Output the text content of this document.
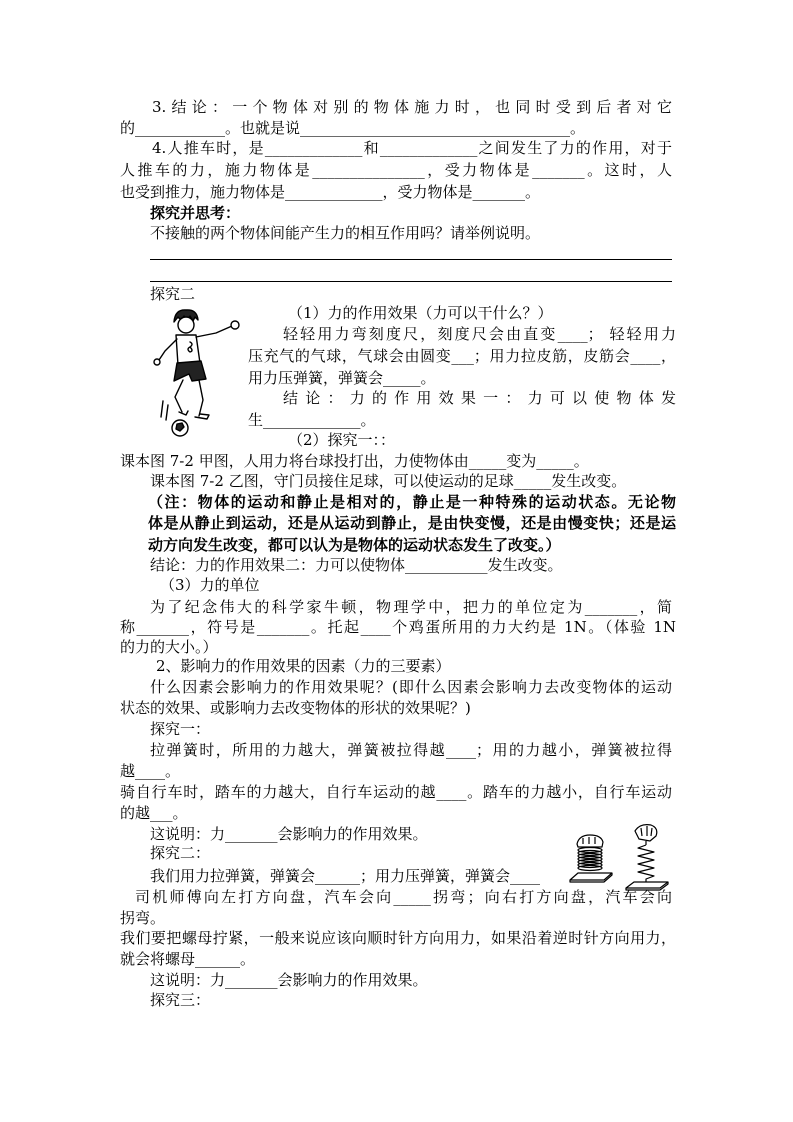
3.结论：一个物体对别的物体施力时，也同时受到后者对它
的____________。也就是说____________________________________。
4.人推车时，是_____________和_____________之间发生了力的作用，对于
人推车的力，施力物体是_______________，受力物体是_______。这时，人
也受到推力，施力物体是_____________，受力物体是_______。
探究并思考：
不接触的两个物体间能产生力的相互作用吗？请举例说明。
探究二
（1）力的作用效果（力可以干什么？）
轻轻用力弯刻度尺，刻度尺会由直变____； 轻轻用力
压充气的气球，气球会由圆变___；用力拉皮筋，皮筋会____，
用力压弹簧，弹簧会_____。
结论：力的作用效果一：力可以使物体发
生_____________。
（2）探究一：：
课本图 7-2 甲图，人用力将台球投打出，力使物体由_____变为_____。
课本图 7-2 乙图，守门员接住足球，可以使运动的足球_____发生改变。
（注：物体的运动和静止是相对的，静止是一种特殊的运动状态。无论物
体是从静止到运动，还是从运动到静止，是由快变慢，还是由慢变快；还是运
动方向发生改变，都可以认为是物体的运动状态发生了改变。）
结论：力的作用效果二：力可以使物体___________发生改变。
（3）力的单位
为了纪念伟大的科学家牛顿，物理学中，把力的单位定为_______，简
称_______，符号是_______。托起____个鸡蛋所用的力大约是 1N。（体验 1N
的力的大小。）
2、影响力的作用效果的因素（力的三要素）
什么因素会影响力的作用效果呢？(即什么因素会影响力去改变物体的运动
状态的效果、或影响力去改变物体的形状的效果呢？)
探究一：
拉弹簧时，所用的力越大，弹簧被拉得越____；用的力越小，弹簧被拉得
越____。
骑自行车时，踏车的力越大，自行车运动的越____。踏车的力越小，自行车运动
的越___。
这说明：力_______会影响力的作用效果。
探究二：
我们用力拉弹簧，弹簧会______；用力压弹簧，弹簧会____
司机师傅向左打方向盘，汽车会向_____拐弯；向右打方向盘，汽车会向
拐弯。
我们要把螺母拧紧，一般来说应该向顺时针方向用力，如果沿着逆时针方向用力，
就会将螺母______。
这说明：力_______会影响力的作用效果。
探究三：
